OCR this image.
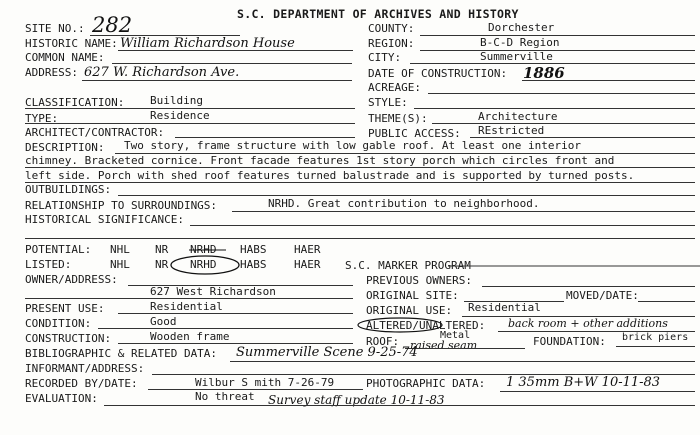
S.C. DEPARTMENT OF ARCHIVES AND HISTORY
SITE NO.: 282
HISTORIC NAME: William Richardson House
COMMON NAME:
ADDRESS: 627 W. Richardson Ave.
COUNTY:	Dorchester
REGION:	B-C-D Region
CITY:	Summerville
DATE OF CONSTRUCTION: 1886
ACREAGE:
STYLE:
THEME(S):	Architecture
PUBLIC ACCESS: REstricted
CLASSIFICATION: Building
TYPE:	Residence
ARCHITECT/CONTRACTOR:
DESCRIPTION: Two story, frame structure with low gable roof. At least one interior
chimney. Bracketed cornice. Front facade features 1st story porch which circles front and
left side. Porch with shed roof features turned balustrade and is supported by turned posts.
OUTBUILDINGS:
RELATIONSHIP TO SURROUNDINGS:	NRHD. Great contribution to neighborhood.
HISTORICAL SIGNIFICANCE:
POTENTIAL: NHL NR NRHD HABS	HAER
LISTED:	NHL NR NRHD HABS	HAER S.C. MARKER PROGRAM
OWNER/ADDRESS:
627 West Richardson
PREVIOUS OWNERS:
ORIGINAL SITE:	MOVED/DATE:
PRESENT USE:	Residential	ORIGINAL USE: Residential
CONDITION:	Good	ALTERED/UNALTERED: back room + other additions
CONSTRUCTION:	Wooden frame	ROOF:	Metal
raised seam	FOUNDATION: brick piers
BIBLIOGRAPHIC & RELATED DATA: Summerville Scene 9-25-74
INFORMANT/ADDRESS:
RECORDED BY/DATE:	Wilbur S mith 7-26-79	PHOTOGRAPHIC DATA: 1 35mm B+W 10-11-83
EVALUATION:	No threat Survey staff update 10-11-83
